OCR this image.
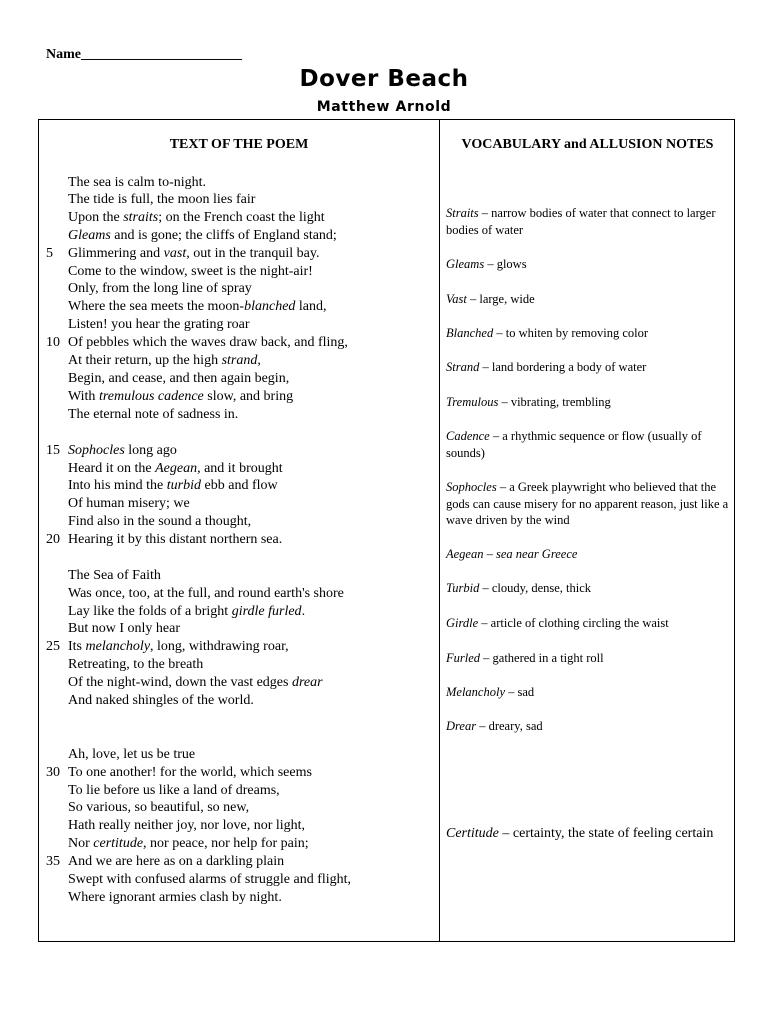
Name_______________________
Dover Beach
Matthew Arnold
TEXT OF THE POEM	VOCABULARY and ALLUSION NOTES
The sea is calm to-night.
The tide is full, the moon lies fair
Upon the straits; on the French coast the light
Gleams and is gone; the cliffs of England stand;
Glimmering and vast, out in the tranquil bay.
Come to the window, sweet is the night-air!
Only, from the long line of spray
Where the sea meets the moon-blanched land,
Listen! you hear the grating roar
Of pebbles which the waves draw back, and fling,
At their return, up the high strand,
Begin, and cease, and then again begin,
With tremulous cadence slow, and bring
The eternal note of sadness in.
Sophocles long ago
Heard it on the Aegean, and it brought
Into his mind the turbid ebb and flow
Of human misery; we
Find also in the sound a thought,
Hearing it by this distant northern sea.
The Sea of Faith
Was once, too, at the full, and round earth's shore
Lay like the folds of a bright girdle furled.
But now I only hear
Its melancholy, long, withdrawing roar,
Retreating, to the breath
Of the night-wind, down the vast edges drear
And naked shingles of the world.
Ah, love, let us be true
To one another! for the world, which seems
To lie before us like a land of dreams,
So various, so beautiful, so new,
Hath really neither joy, nor love, nor light,
Nor certitude, nor peace, nor help for pain;
And we are here as on a darkling plain
Swept with confused alarms of struggle and flight,
Where ignorant armies clash by night.
5
10
15
20
25
30
35
Straits – narrow bodies of water that connect to larger bodies of water
Gleams – glows
Vast – large, wide
Blanched – to whiten by removing color
Strand – land bordering a body of water
Tremulous – vibrating, trembling
Cadence – a rhythmic sequence or flow (usually of sounds)
Sophocles – a Greek playwright who believed that the gods can cause misery for no apparent reason, just like a wave driven by the wind
Aegean – sea near Greece
Turbid – cloudy, dense, thick
Girdle – article of clothing circling the waist
Furled – gathered in a tight roll
Melancholy – sad
Drear – dreary, sad
Certitude – certainty, the state of feeling certain
